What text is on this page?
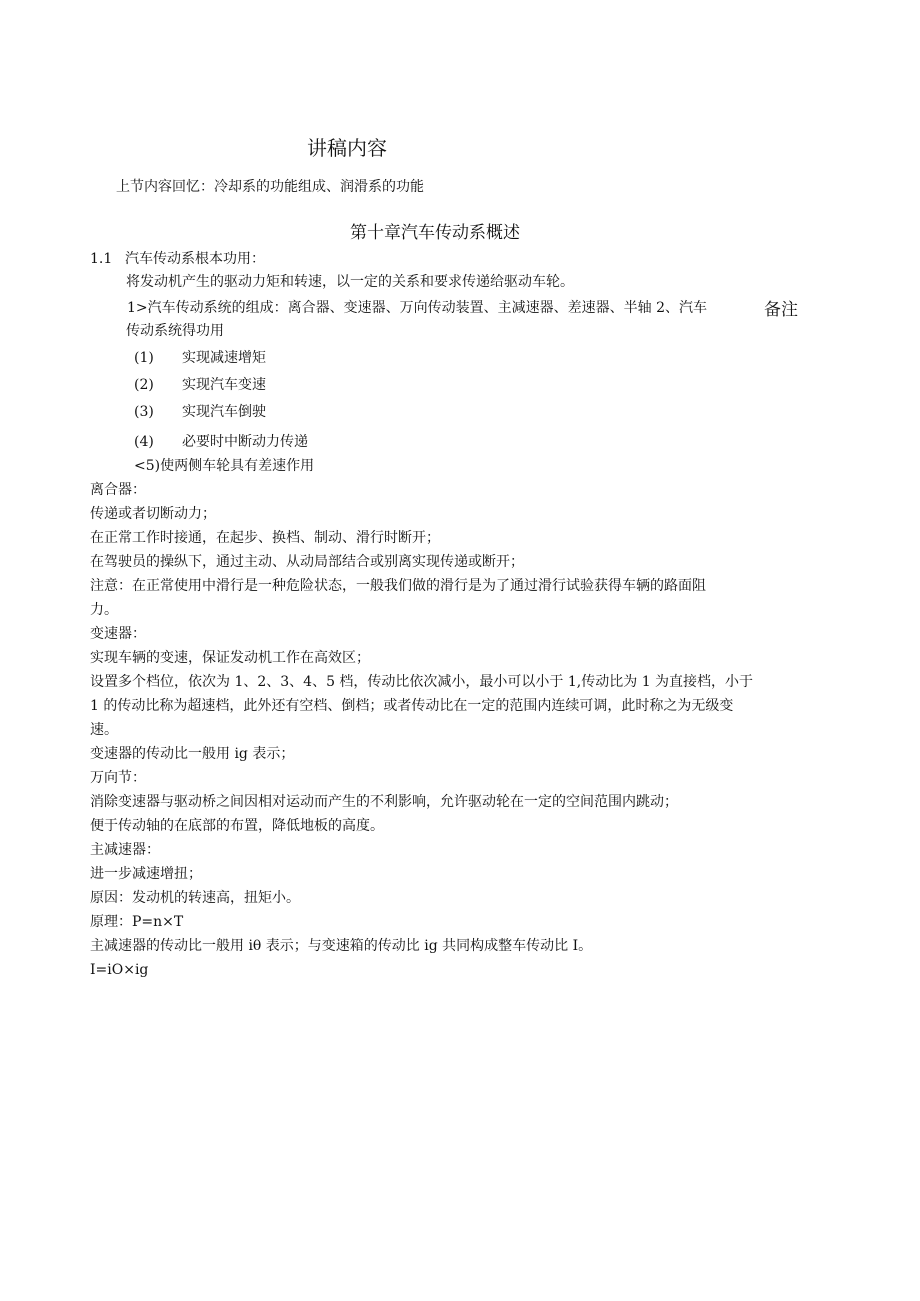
讲稿内容
上节内容回忆：冷却系的功能组成、润滑系的功能
第十章汽车传动系概述
1.1 汽车传动系根本功用：
将发动机产生的驱动力矩和转速，以一定的关系和要求传递给驱动车轮。
1>汽车传动系统的组成：离合器、变速器、万向传动装置、主减速器、差速器、半轴 2、汽车	备注
传动系统得功用
(1) 实现减速增矩
(2) 实现汽车变速
(3) 实现汽车倒驶
(4) 必要时中断动力传递
<5)使两侧车轮具有差速作用
离合器：
传递或者切断动力；
在正常工作时接通，在起步、换档、制动、滑行时断开；
在驾驶员的操纵下，通过主动、从动局部结合或别离实现传递或断开；
注意：在正常使用中滑行是一种危险状态，一般我们做的滑行是为了通过滑行试验获得车辆的路面阻
力。
变速器：
实现车辆的变速，保证发动机工作在高效区；
设置多个档位，依次为 1、2、3、4、5 档，传动比依次减小，最小可以小于 1,传动比为 1 为直接档，小于
1 的传动比称为超速档，此外还有空档、倒档；或者传动比在一定的范围内连续可调，此时称之为无级变
速。
变速器的传动比一般用 ig 表示；
万向节：
消除变速器与驱动桥之间因相对运动而产生的不利影响，允许驱动轮在一定的空间范围内跳动；
便于传动轴的在底部的布置，降低地板的高度。
主减速器：
进一步减速增扭；
原因：发动机的转速高，扭矩小。
原理：P=n×T
主减速器的传动比一般用 iθ 表示；与变速箱的传动比 ig 共同构成整车传动比 I。
I=iO×ig
